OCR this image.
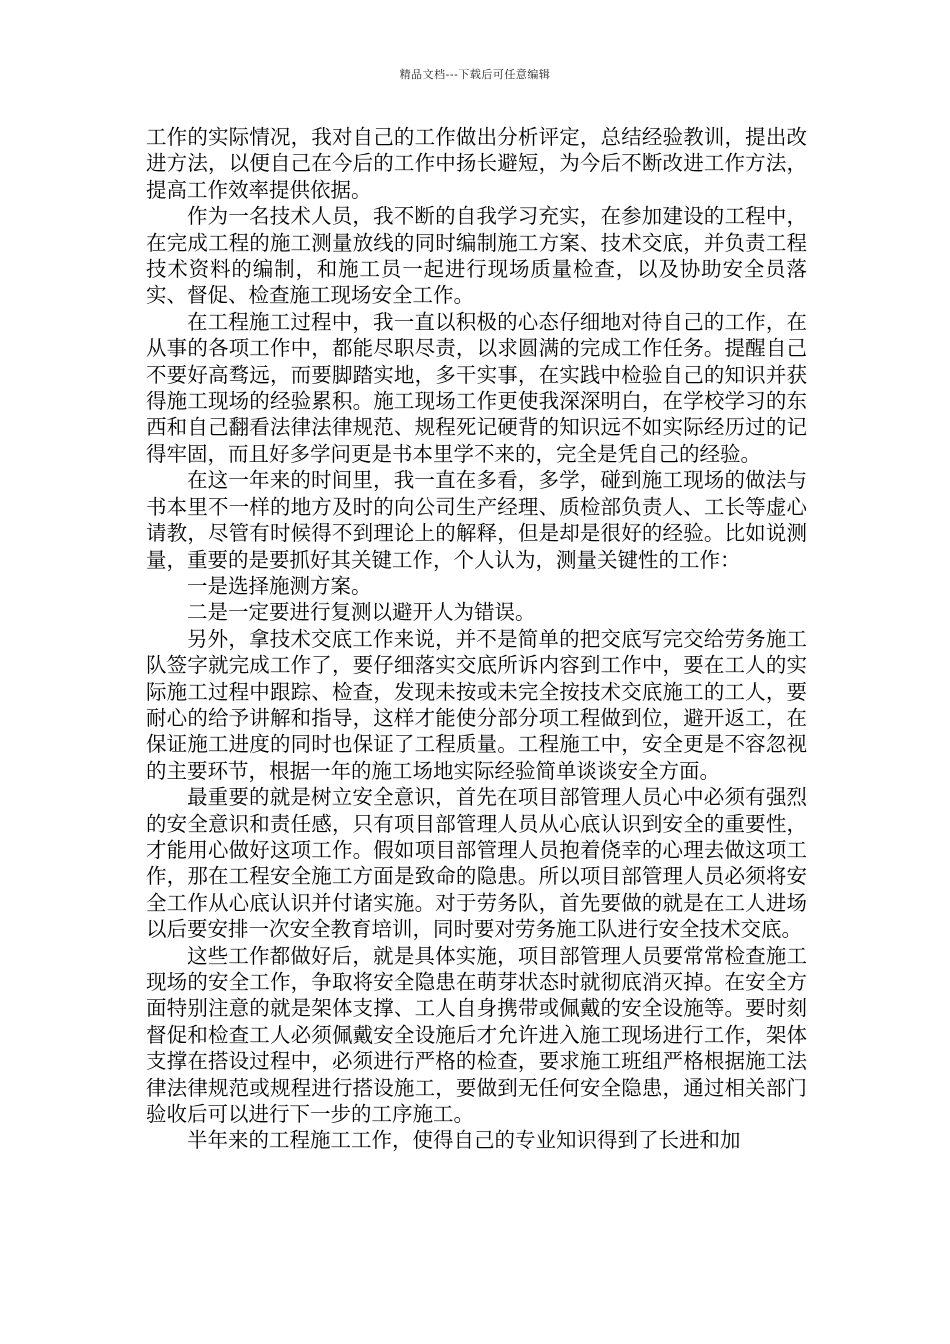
精品文档---下载后可任意编辑

工作的实际情况，我对自己的工作做出分析评定，总结经验教训，提出改进方法，以便自己在今后的工作中扬长避短，为今后不断改进工作方法，提高工作效率提供依据。

作为一名技术人员，我不断的自我学习充实，在参加建设的工程中，在完成工程的施工测量放线的同时编制施工方案、技术交底，并负责工程技术资料的编制，和施工员一起进行现场质量检查，以及协助安全员落实、督促、检查施工现场安全工作。

在工程施工过程中，我一直以积极的心态仔细地对待自己的工作，在从事的各项工作中，都能尽职尽责，以求圆满的完成工作任务。提醒自己不要好高骛远，而要脚踏实地，多干实事，在实践中检验自己的知识并获得施工现场的经验累积。施工现场工作更使我深深明白，在学校学习的东西和自己翻看法律法律规范、规程死记硬背的知识远不如实际经历过的记得牢固，而且好多学问更是书本里学不来的，完全是凭自己的经验。

在这一年来的时间里，我一直在多看，多学，碰到施工现场的做法与书本里不一样的地方及时的向公司生产经理、质检部负责人、工长等虚心请教，尽管有时候得不到理论上的解释，但是却是很好的经验。比如说测量，重要的是要抓好其关键工作，个人认为，测量关键性的工作：

一是选择施测方案。

二是一定要进行复测以避开人为错误。

另外，拿技术交底工作来说，并不是简单的把交底写完交给劳务施工队签字就完成工作了，要仔细落实交底所诉内容到工作中，要在工人的实际施工过程中跟踪、检查，发现未按或未完全按技术交底施工的工人，要耐心的给予讲解和指导，这样才能使分部分项工程做到位，避开返工，在保证施工进度的同时也保证了工程质量。工程施工中，安全更是不容忽视的主要环节，根据一年的施工场地实际经验简单谈谈安全方面。

最重要的就是树立安全意识，首先在项目部管理人员心中必须有强烈的安全意识和责任感，只有项目部管理人员从心底认识到安全的重要性，才能用心做好这项工作。假如项目部管理人员抱着侥幸的心理去做这项工作，那在工程安全施工方面是致命的隐患。所以项目部管理人员必须将安全工作从心底认识并付诸实施。对于劳务队，首先要做的就是在工人进场以后要安排一次安全教育培训，同时要对劳务施工队进行安全技术交底。

这些工作都做好后，就是具体实施，项目部管理人员要常常检查施工现场的安全工作，争取将安全隐患在萌芽状态时就彻底消灭掉。在安全方面特别注意的就是架体支撑、工人自身携带或佩戴的安全设施等。要时刻督促和检查工人必须佩戴安全设施后才允许进入施工现场进行工作，架体支撑在搭设过程中，必须进行严格的检查，要求施工班组严格根据施工法律法律规范或规程进行搭设施工，要做到无任何安全隐患，通过相关部门验收后可以进行下一步的工序施工。

半年来的工程施工工作，使得自己的专业知识得到了长进和加
